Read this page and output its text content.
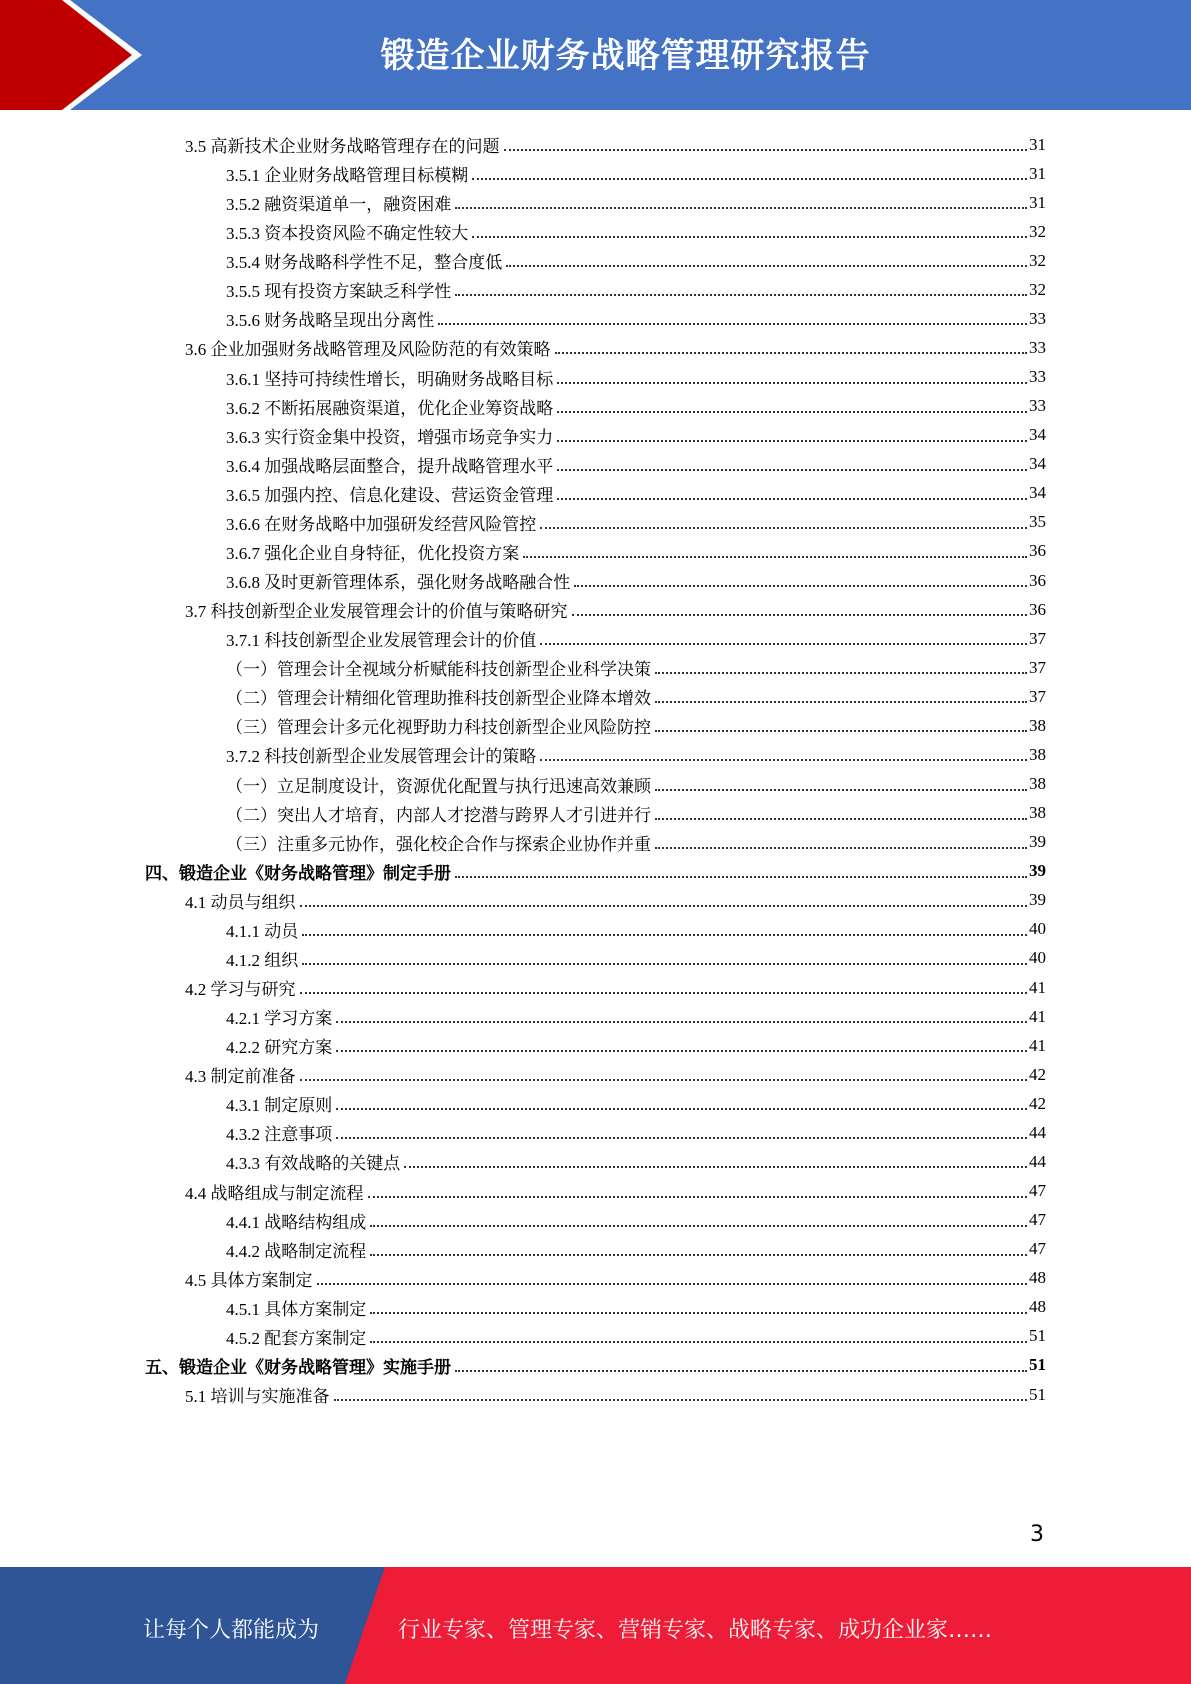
锻造企业财务战略管理研究报告
3.5 高新技术企业财务战略管理存在的问题	31
3.5.1 企业财务战略管理目标模糊	31
3.5.2 融资渠道单一，融资困难	31
3.5.3 资本投资风险不确定性较大	32
3.5.4 财务战略科学性不足，整合度低	32
3.5.5 现有投资方案缺乏科学性	32
3.5.6 财务战略呈现出分离性	33
3.6 企业加强财务战略管理及风险防范的有效策略	33
3.6.1 坚持可持续性增长，明确财务战略目标	33
3.6.2 不断拓展融资渠道，优化企业筹资战略	33
3.6.3 实行资金集中投资，增强市场竞争实力	34
3.6.4 加强战略层面整合，提升战略管理水平	34
3.6.5 加强内控、信息化建设、营运资金管理	34
3.6.6 在财务战略中加强研发经营风险管控	35
3.6.7 强化企业自身特征，优化投资方案	36
3.6.8 及时更新管理体系，强化财务战略融合性	36
3.7 科技创新型企业发展管理会计的价值与策略研究	36
3.7.1 科技创新型企业发展管理会计的价值	37
（一）管理会计全视域分析赋能科技创新型企业科学决策	37
（二）管理会计精细化管理助推科技创新型企业降本增效	37
（三）管理会计多元化视野助力科技创新型企业风险防控	38
3.7.2 科技创新型企业发展管理会计的策略	38
（一）立足制度设计，资源优化配置与执行迅速高效兼顾	38
（二）突出人才培育，内部人才挖潜与跨界人才引进并行	38
（三）注重多元协作，强化校企合作与探索企业协作并重	39
四、锻造企业《财务战略管理》制定手册	39
4.1 动员与组织	39
4.1.1 动员	40
4.1.2 组织	40
4.2 学习与研究	41
4.2.1 学习方案	41
4.2.2 研究方案	41
4.3 制定前准备	42
4.3.1 制定原则	42
4.3.2 注意事项	44
4.3.3 有效战略的关键点	44
4.4 战略组成与制定流程	47
4.4.1 战略结构组成	47
4.4.2 战略制定流程	47
4.5 具体方案制定	48
4.5.1 具体方案制定	48
4.5.2 配套方案制定	51
五、锻造企业《财务战略管理》实施手册	51
5.1 培训与实施准备	51
3
让每个人都能成为	行业专家、管理专家、营销专家、战略专家、成功企业家……
